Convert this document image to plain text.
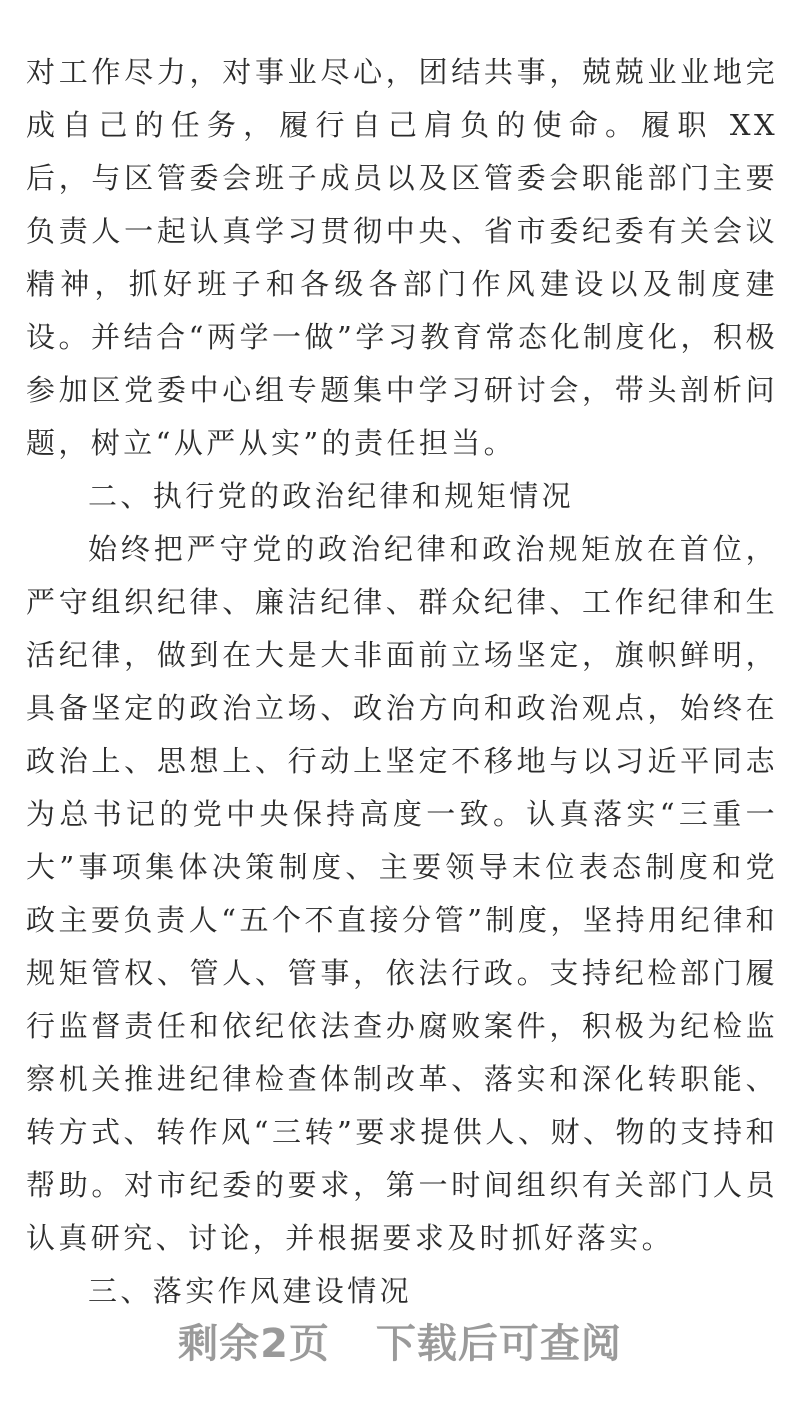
对工作尽力，对事业尽心，团结共事，兢兢业业地完成自己的任务，履行自己肩负的使命。履职 XX 后，与区管委会班子成员以及区管委会职能部门主要负责人一起认真学习贯彻中央、省市委纪委有关会议精神，抓好班子和各级各部门作风建设以及制度建设。并结合“两学一做”学习教育常态化制度化，积极参加区党委中心组专题集中学习研讨会，带头剖析问题，树立“从严从实”的责任担当。

二、执行党的政治纪律和规矩情况

始终把严守党的政治纪律和政治规矩放在首位，严守组织纪律、廉洁纪律、群众纪律、工作纪律和生活纪律，做到在大是大非面前立场坚定，旗帜鲜明，具备坚定的政治立场、政治方向和政治观点，始终在政治上、思想上、行动上坚定不移地与以习近平同志为总书记的党中央保持高度一致。认真落实“三重一大”事项集体决策制度、主要领导末位表态制度和党政主要负责人“五个不直接分管”制度，坚持用纪律和规矩管权、管人、管事，依法行政。支持纪检部门履行监督责任和依纪依法查办腐败案件，积极为纪检监察机关推进纪律检查体制改革、落实和深化转职能、转方式、转作风“三转”要求提供人、财、物的支持和帮助。对市纪委的要求，第一时间组织有关部门人员认真研究、讨论，并根据要求及时抓好落实。

三、落实作风建设情况

剩余2页 下载后可查阅
